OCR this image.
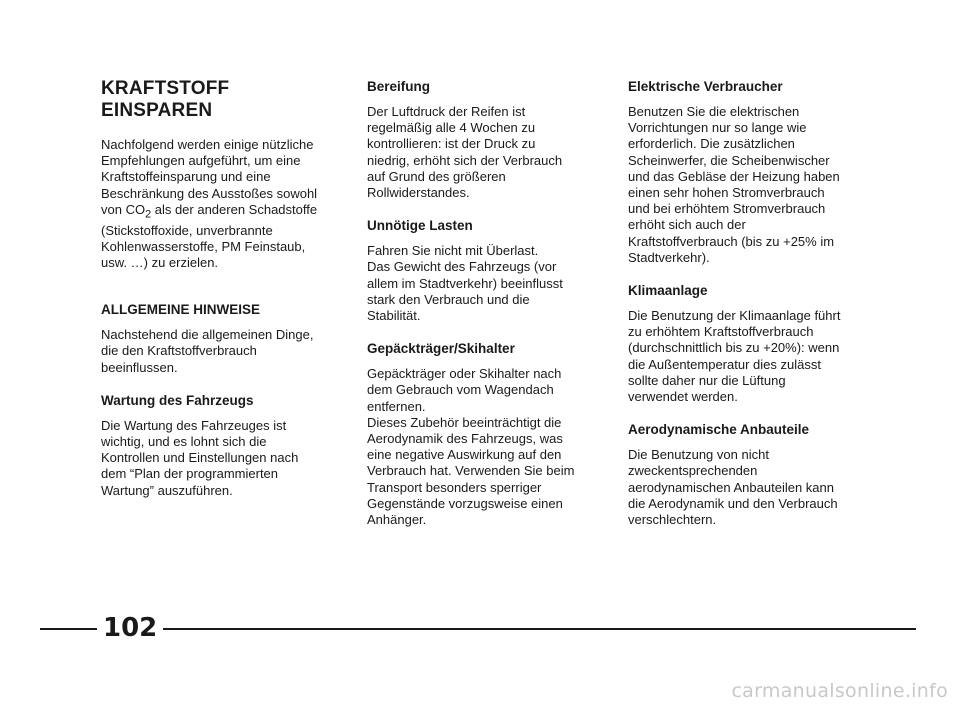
KRAFTSTOFF
EINSPAREN

Nachfolgend werden einige nützliche
Empfehlungen aufgeführt, um eine
Kraftstoffeinsparung und eine
Beschränkung des Ausstoßes sowohl
von $CO_2$ als der anderen Schadstoffe
(Stickstoffoxide, unverbrannte
Kohlenwasserstoffe, PM Feinstaub,
usw. …) zu erzielen.

ALLGEMEINE HINWEISE

Nachstehend die allgemeinen Dinge,
die den Kraftstoffverbrauch
beeinflussen.

Wartung des Fahrzeugs

Die Wartung des Fahrzeuges ist
wichtig, und es lohnt sich die
Kontrollen und Einstellungen nach
dem “Plan der programmierten
Wartung” auszuführen.

Bereifung

Der Luftdruck der Reifen ist
regelmäßig alle 4 Wochen zu
kontrollieren: ist der Druck zu
niedrig, erhöht sich der Verbrauch
auf Grund des größeren
Rollwiderstandes.

Unnötige Lasten

Fahren Sie nicht mit Überlast.
Das Gewicht des Fahrzeugs (vor
allem im Stadtverkehr) beeinflusst
stark den Verbrauch und die
Stabilität.

Gepäckträger/Skihalter

Gepäckträger oder Skihalter nach
dem Gebrauch vom Wagendach
entfernen.
Dieses Zubehör beeinträchtigt die
Aerodynamik des Fahrzeugs, was
eine negative Auswirkung auf den
Verbrauch hat. Verwenden Sie beim
Transport besonders sperriger
Gegenstände vorzugsweise einen
Anhänger.

Elektrische Verbraucher

Benutzen Sie die elektrischen
Vorrichtungen nur so lange wie
erforderlich. Die zusätzlichen
Scheinwerfer, die Scheibenwischer
und das Gebläse der Heizung haben
einen sehr hohen Stromverbrauch
und bei erhöhtem Stromverbrauch
erhöht sich auch der
Kraftstoffverbrauch (bis zu +25% im
Stadtverkehr).

Klimaanlage

Die Benutzung der Klimaanlage führt
zu erhöhtem Kraftstoffverbrauch
(durchschnittlich bis zu +20%): wenn
die Außentemperatur dies zulässt
sollte daher nur die Lüftung
verwendet werden.

Aerodynamische Anbauteile

Die Benutzung von nicht
zweckentsprechenden
aerodynamischen Anbauteilen kann
die Aerodynamik und den Verbrauch
verschlechtern.

102
carmanualsonline.info
